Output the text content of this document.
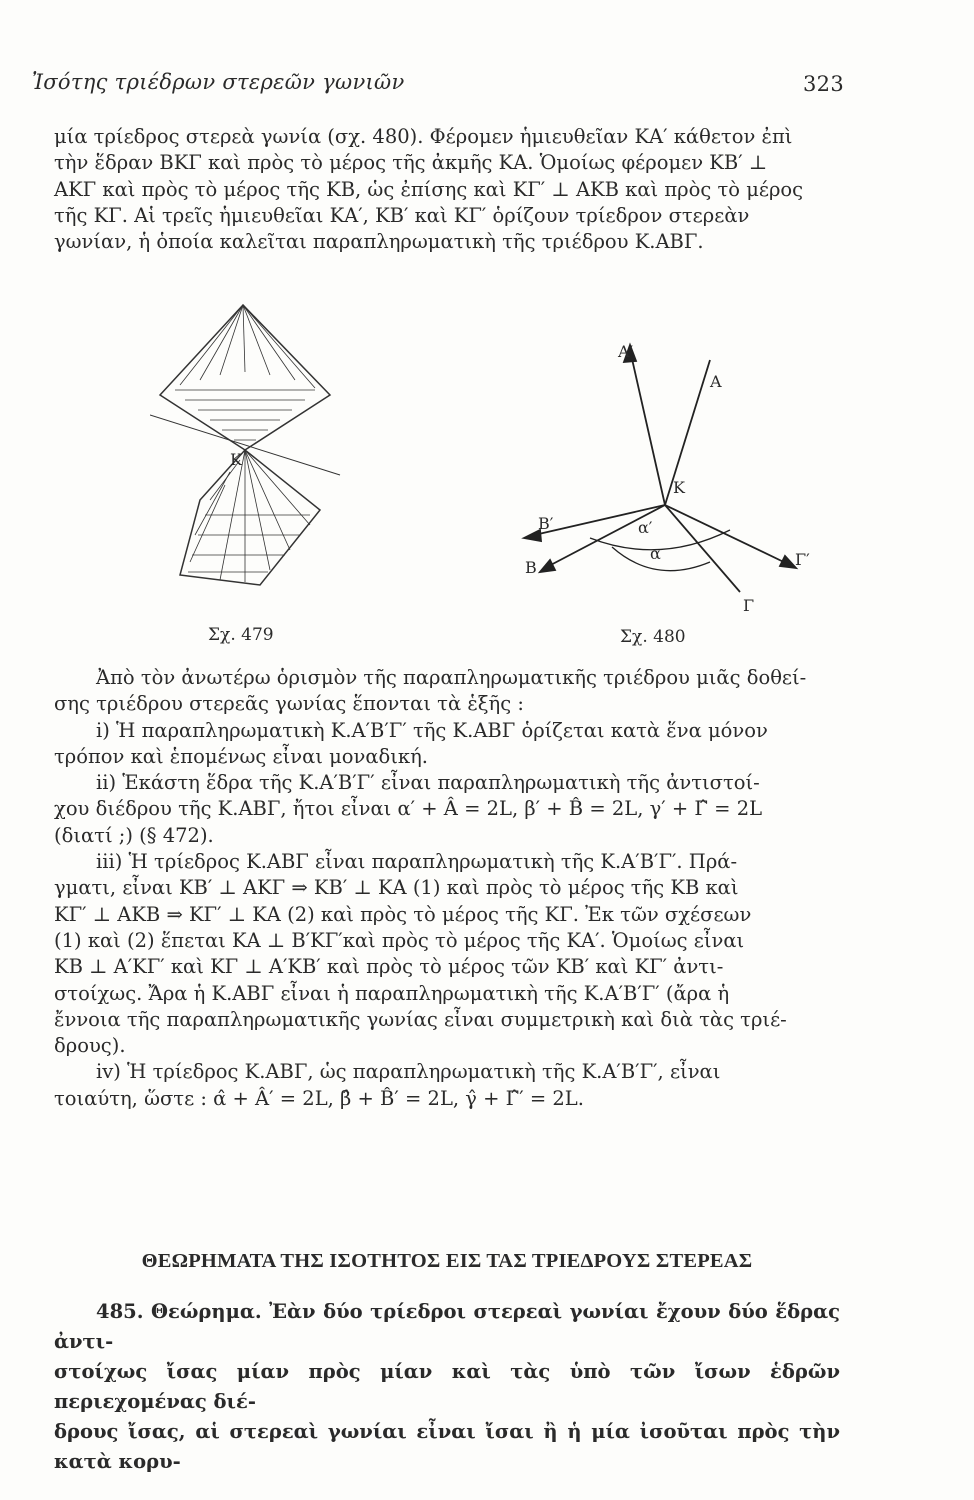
Ἰσότης τριέδρων στερεῶν γωνιῶν	323

μία τρίεδρος στερεὰ γωνία (σχ. 480). Φέρομεν ἡμιευθεῖαν ΚΑ′ κάθετον ἐπὶ

τὴν ἕδραν ΒΚΓ καὶ πρὸς τὸ μέρος τῆς ἀκμῆς ΚΑ. Ὁμοίως φέρομεν ΚΒ′ ⊥

ΑΚΓ καὶ πρὸς τὸ μέρος τῆς ΚΒ, ὡς ἐπίσης καὶ ΚΓ′ ⊥ ΑΚΒ καὶ πρὸς τὸ μέρος

τῆς ΚΓ. Αἱ τρεῖς ἡμιευθεῖαι ΚΑ′, ΚΒ′ καὶ ΚΓ′ ὁρίζουν τρίεδρον στερεὰν

γωνίαν, ἡ ὁποία καλεῖται παραπληρωματικὴ τῆς τριέδρου Κ.ΑΒΓ.

Σχ. 479
K
Σχ. 480
A′
A
K
B′
B
α′
α	Γ′
Γ

Ἀπὸ τὸν ἀνωτέρω ὁρισμὸν τῆς παραπληρωματικῆς τριέδρου μιᾶς δοθεί-

σης τριέδρου στερεᾶς γωνίας ἕπονται τὰ ἑξῆς :

i) Ἡ παραπληρωματικὴ Κ.Α′Β′Γ′ τῆς Κ.ΑΒΓ ὁρίζεται κατὰ ἕνα μόνον

τρόπον καὶ ἑπομένως εἶναι μοναδική.

ii) Ἑκάστη ἕδρα τῆς Κ.Α′Β′Γ′ εἶναι παραπληρωματικὴ τῆς ἀντιστοί-

χου διέδρου τῆς Κ.ΑΒΓ, ἤτοι εἶναι α′ + Â = 2L, β′ + B̂ = 2L, γ′ + Γ̂ = 2L

(διατί ;) (§ 472).

iii) Ἡ τρίεδρος Κ.ΑΒΓ εἶναι παραπληρωματικὴ τῆς Κ.Α′Β′Γ′. Πρά-

γματι, εἶναι ΚΒ′ ⊥ ΑΚΓ ⇒ ΚΒ′ ⊥ ΚΑ (1) καὶ πρὸς τὸ μέρος τῆς ΚΒ καὶ

ΚΓ′ ⊥ ΑΚΒ ⇒ ΚΓ′ ⊥ ΚΑ (2) καὶ πρὸς τὸ μέρος τῆς ΚΓ. Ἐκ τῶν σχέσεων

(1) καὶ (2) ἕπεται ΚΑ ⊥ Β′ΚΓ′καὶ πρὸς τὸ μέρος τῆς ΚΑ′. Ὁμοίως εἶναι

ΚΒ ⊥ Α′ΚΓ′ καὶ ΚΓ ⊥ Α′ΚΒ′ καὶ πρὸς τὸ μέρος τῶν ΚΒ′ καὶ ΚΓ′ ἀντι-

στοίχως. Ἄρα ἡ Κ.ΑΒΓ εἶναι ἡ παραπληρωματικὴ τῆς Κ.Α′Β′Γ′ (ἄρα ἡ

ἔννοια τῆς παραπληρωματικῆς γωνίας εἶναι συμμετρικὴ καὶ διὰ τὰς τριέ-

δρους).

iv) Ἡ τρίεδρος Κ.ΑΒΓ, ὡς παραπληρωματικὴ τῆς Κ.Α′Β′Γ′, εἶναι

τοιαύτη, ὥστε : α̂ + Â′ = 2L, β̂ + B̂′ = 2L, γ̂ + Γ̂′ = 2L.

ΘΕΩΡΗΜΑΤΑ ΤΗΣ ΙΣΟΤΗΤΟΣ ΕΙΣ ΤΑΣ ΤΡΙΕΔΡΟΥΣ ΣΤΕΡΕΑΣ

485. Θεώρημα. Ἐὰν δύο τρίεδροι στερεαὶ γωνίαι ἔχουν δύο ἕδρας ἀντι-

στοίχως ἴσας μίαν πρὸς μίαν καὶ τὰς ὑπὸ τῶν ἴσων ἑδρῶν περιεχομένας διέ-

δρους ἴσας, αἱ στερεαὶ γωνίαι εἶναι ἴσαι ἢ ἡ μία ἰσοῦται πρὸς τὴν κατὰ κορυ-
